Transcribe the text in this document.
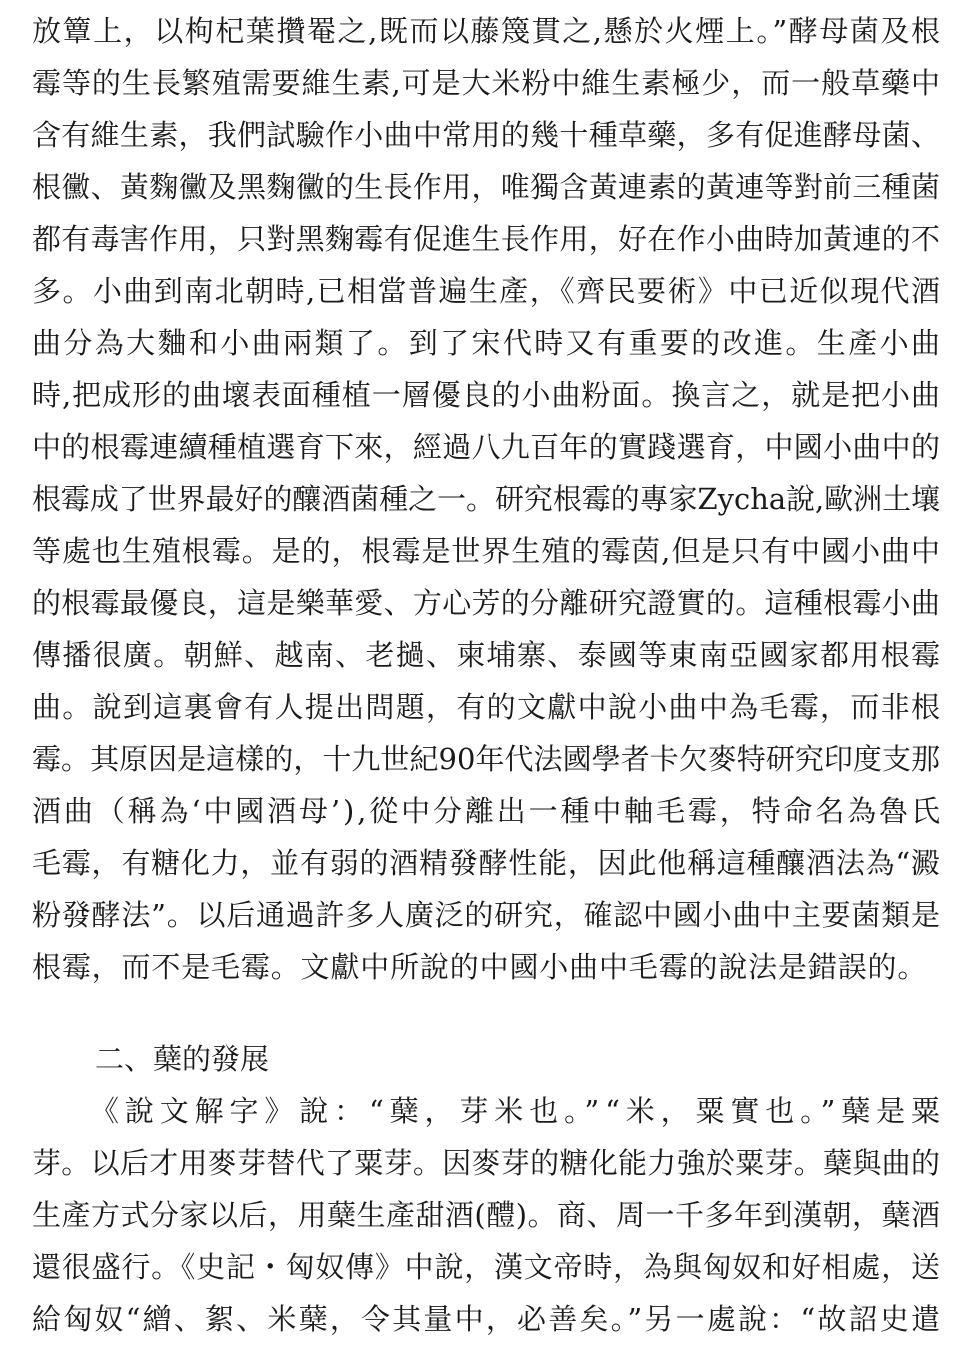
放簟上，以枸杞葉攢罨之,既而以藤篾貫之,懸於火煙上。”酵母菌及根
霉等的生長繁殖需要維生素,可是大米粉中維生素極少，而一般草藥中
含有維生素，我們試驗作小曲中常用的幾十種草藥，多有促進酵母菌、
根黴、黃麴黴及黑麴黴的生長作用，唯獨含黃連素的黃連等對前三種菌
都有毒害作用，只對黑麴霉有促進生長作用，好在作小曲時加黃連的不
多。小曲到南北朝時,已相當普遍生產，《齊民要術》中已近似現代酒
曲分為大麯和小曲兩類了。到了宋代時又有重要的改進。生產小曲
時,把成形的曲壞表面種植一層優良的小曲粉面。換言之，就是把小曲
中的根霉連續種植選育下來，經過八九百年的實踐選育，中國小曲中的
根霉成了世界最好的釀酒菌種之一。研究根霉的專家Zycha說,歐洲土壤
等處也生殖根霉。是的，根霉是世界生殖的霉茵,但是只有中國小曲中
的根霉最優良，這是樂華愛、方心芳的分離研究證實的。這種根霉小曲
傳播很廣。朝鮮、越南、老撾、柬埔寨、泰國等東南亞國家都用根霉
曲。說到這裏會有人提出問題，有的文獻中說小曲中為毛霉，而非根
霉。其原因是這樣的，十九世紀90年代法國學者卡欠麥特研究印度支那
酒曲（稱為‘中國酒母’),從中分離出一種中軸毛霉，特命名為魯氏
毛霉，有糖化力，並有弱的酒精發酵性能，因此他稱這種釀酒法為“澱
粉發酵法”。以后通過許多人廣泛的研究，確認中國小曲中主要菌類是
根霉，而不是毛霉。文獻中所說的中國小曲中毛霉的說法是錯誤的。
二、蘖的發展
《說文解字》說：“蘖，芽米也。”“米，粟實也。”蘖是粟
芽。以后才用麥芽替代了粟芽。因麥芽的糖化能力強於粟芽。蘖與曲的
生產方式分家以后，用蘖生產甜酒(醴)。商、周一千多年到漢朝，蘖酒
還很盛行。《史記・匈奴傳》中說，漢文帝時，為與匈奴和好相處，送
給匈奴“繒、絮、米蘖，令其量中，必善矣。”另一處說：“故詔史遣
